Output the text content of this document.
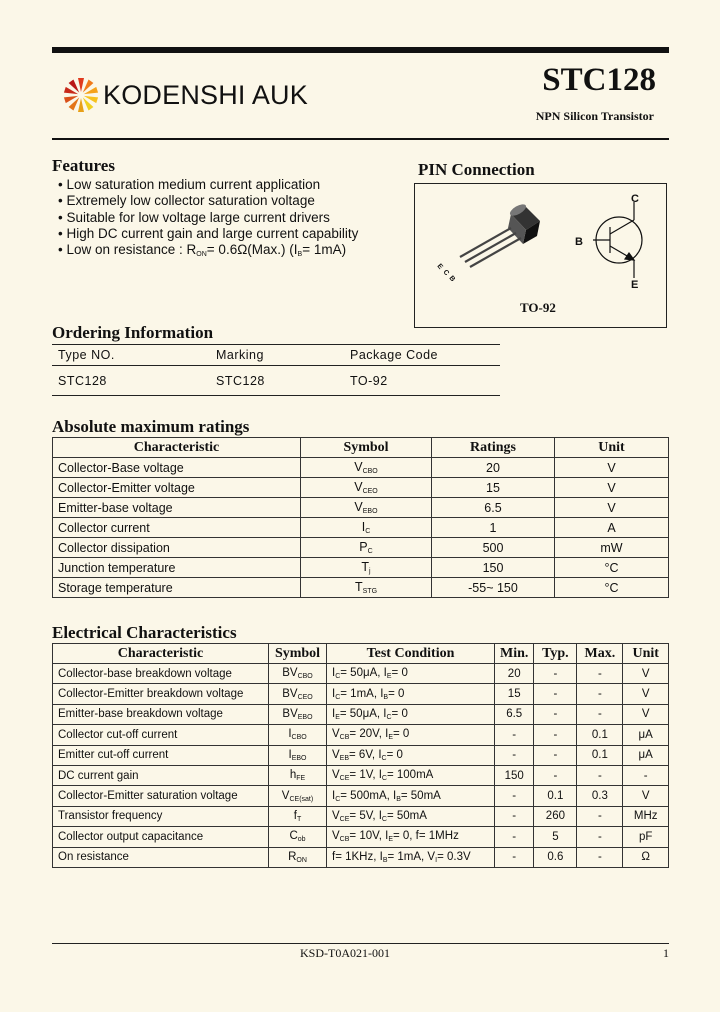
KODENSHI AUK	STC128
NPN Silicon Transistor
Features
• Low saturation medium current application
• Extremely low collector saturation voltage
• Suitable for low voltage large current drivers
• High DC current gain and large current capability
• Low on resistance : $R_{ON}= 0.6\Omega(Max.)$ $(I_B= 1mA)$
PIN Connection
E
C
B
C
B
E
TO-92
Ordering Information
Type NO.	Marking	Package Code
STC128	STC128	TO-92
Absolute maximum ratings
Characteristic	Symbol	Ratings	Unit
Collector-Base voltage	$V_{CBO}$	20	V
Collector-Emitter voltage	$V_{CEO}$	15	V
Emitter-base voltage	$V_{EBO}$	6.5	V
Collector current	$I_C$	1	A
Collector dissipation	$P_C$	500	mW
Junction temperature	$T_j$	150	°C
Storage temperature	$T_{STG}$	-55~ 150	°C
Electrical Characteristics
Characteristic	Symbol	Test Condition	Min.	Typ.	Max.	Unit
Collector-base breakdown voltage	$BV_{CBO}$	$I_C= 50\mu A$, $I_E= 0$	20	-	-	V
Collector-Emitter breakdown voltage	$BV_{CEO}$	$I_C= 1mA$, $I_B= 0$	15	-	-	V
Emitter-base breakdown voltage	$BV_{EBO}$	$I_E= 50\mu A$, $I_C= 0$	6.5	-	-	V
Collector cut-off current	$I_{CBO}$	$V_{CB}= 20V$, $I_E= 0$	-	-	0.1	μA
Emitter cut-off current	$I_{EBO}$	$V_{EB}= 6V$, $I_C= 0$	-	-	0.1	μA
DC current gain	$h_{FE}$	$V_{CE}= 1V$, $I_C= 100mA$	150	-	-	-
Collector-Emitter saturation voltage	$V_{CE(sat)}$	$I_C= 500mA$, $I_B= 50mA$	-	0.1	0.3	V
Transistor frequency	$f_T$	$V_{CE}= 5V$, $I_C= 50mA$	-	260	-	MHz
Collector output capacitance	$C_{ob}$	$V_{CB}= 10V$, $I_E= 0$, f= 1MHz	-	5	-	pF
On resistance	$R_{ON}$	f= 1KHz, $I_B= 1mA$, $V_I= 0.3V$	-	0.6	-	Ω
KSD-T0A021-001	1
